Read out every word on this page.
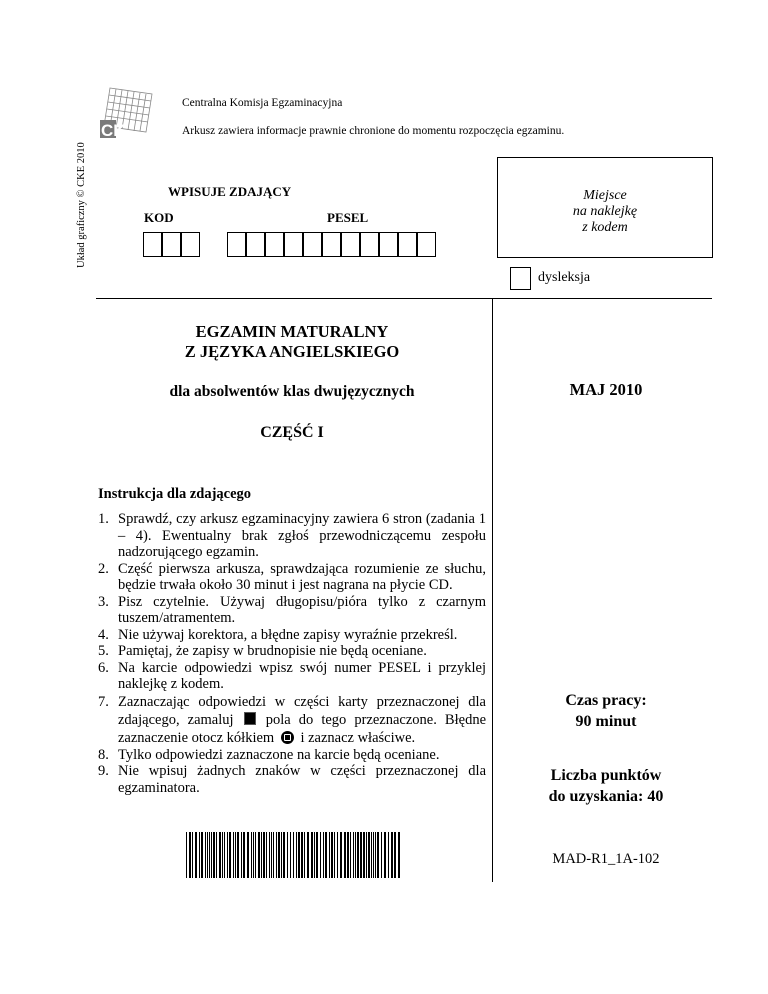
Układ graficzny © CKE 2010
CK
Centralna Komisja Egzaminacyjna
Arkusz zawiera informacje prawnie chronione do momentu rozpoczęcia egzaminu.
WPISUJE ZDAJĄCY
KOD	PESEL
Miejsce
na naklejkę
z kodem
dysleksja
EGZAMIN MATURALNY
Z JĘZYKA ANGIELSKIEGO
dla absolwentów klas dwujęzycznych
CZĘŚĆ I
MAJ 2010
Instrukcja dla zdającego
1. Sprawdź, czy arkusz egzaminacyjny zawiera 6 stron (zadania 1 – 4). Ewentualny brak zgłoś przewodniczącemu zespołu nadzorującego egzamin.
2. Część pierwsza arkusza, sprawdzająca rozumienie ze słuchu, będzie trwała około 30 minut i jest nagrana na płycie CD.
3. Pisz czytelnie. Używaj długopisu/pióra tylko z czarnym tuszem/atramentem.
4. Nie używaj korektora, a błędne zapisy wyraźnie przekreśl.
5. Pamiętaj, że zapisy w brudnopisie nie będą oceniane.
6. Na karcie odpowiedzi wpisz swój numer PESEL i przyklej naklejkę z kodem.
7. Zaznaczając odpowiedzi w części karty przeznaczonej dla zdającego, zamaluj pola do tego przeznaczone. Błędne zaznaczenie otocz kółkiem i zaznacz właściwe.
8. Tylko odpowiedzi zaznaczone na karcie będą oceniane.
9. Nie wpisuj żadnych znaków w części przeznaczonej dla egzaminatora.
Czas pracy:
90 minut
Liczba punktów
do uzyskania: 40
MAD-R1_1A-102
